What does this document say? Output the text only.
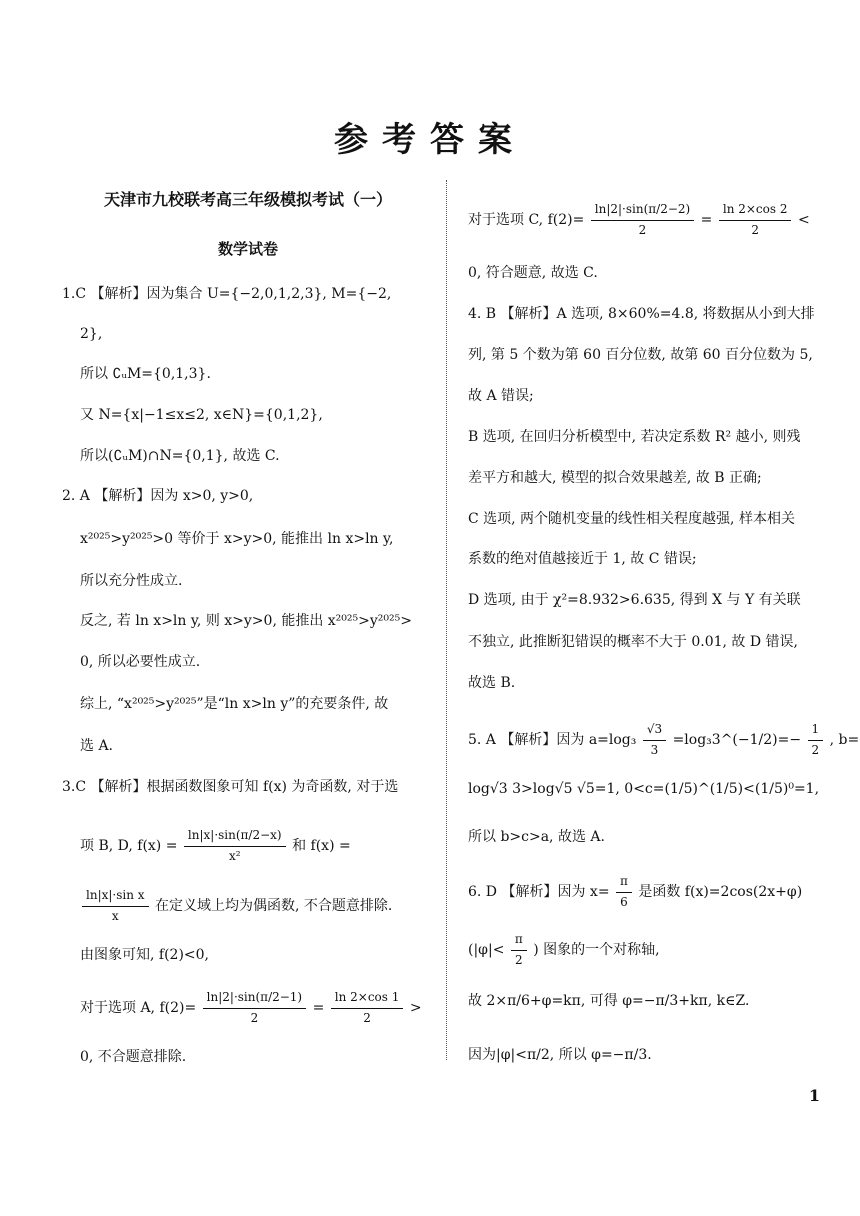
参考答案
天津市九校联考高三年级模拟考试（一）
数学试卷
1.C 【解析】因为集合 U={−2,0,1,2,3}, M={−2,
2},
所以 ∁ᵤM={0,1,3}.
又 N={x|−1≤x≤2, x∈N}={0,1,2},
所以(∁ᵤM)∩N={0,1}, 故选 C.
2. A 【解析】因为 x>0, y>0,
x²⁰²⁵>y²⁰²⁵>0 等价于 x>y>0, 能推出 ln x>ln y,
所以充分性成立.
反之, 若 ln x>ln y, 则 x>y>0, 能推出 x²⁰²⁵>y²⁰²⁵>
0, 所以必要性成立.
综上, “x²⁰²⁵>y²⁰²⁵”是“ln x>ln y”的充要条件, 故
选 A.
3.C 【解析】根据函数图象可知 f(x) 为奇函数, 对于选
项 B, D, $f(x) = \frac{\ln|x|\cdot\sin(\pi/2-x)}{\text{x²}}$ 和 f(x) =
$\frac{\text{ln|x|·sin x}}{x}$ 在定义域上均为偶函数, 不合题意排除.
由图象可知, f(2)<0,
对于选项 A, $f(2)= \frac{\ln|2|\cdot\sin(\pi/2-1)}{2} = \frac{\ln 2\times\cos 1}{2}$ >
0, 不合题意排除.
对于选项 C, $f(2)= \frac{\ln|2|\cdot\sin(\pi/2-2)}{2} = \frac{\ln 2\times\cos 2}{2}$ <
0, 符合题意, 故选 C.
4. B 【解析】A 选项, 8×60%=4.8, 将数据从小到大排
列, 第 5 个数为第 60 百分位数, 故第 60 百分位数为 5,
故 A 错误;
B 选项, 在回归分析模型中, 若决定系数 R² 越小, 则残
差平方和越大, 模型的拟合效果越差, 故 B 正确;
C 选项, 两个随机变量的线性相关程度越强, 样本相关
系数的绝对值越接近于 1, 故 C 错误;
D 选项, 由于 χ²=8.932>6.635, 得到 X 与 Y 有关联
不独立, 此推断犯错误的概率不大于 0.01, 故 D 错误,
故选 B.
5. A 【解析】因为 $a=\log_3 \frac{√3}{3}$ =log₃3^(−1/2)=− $\frac{1}{2}$ , b=
log√3 3>log√5 √5=1, 0<c=(1/5)^(1/5)<(1/5)⁰=1,
所以 b>c>a, 故选 A.
6. D 【解析】因为 $x= \frac{\pi}{6}$ 是函数 f(x)=2cos(2x+φ)
($|\varphi|< \frac{\pi}{2}$ ) 图象的一个对称轴,
故 2×π/6+φ=kπ, 可得 φ=−π/3+kπ, k∈Z.
因为|φ|<π/2, 所以 φ=−π/3.
1
